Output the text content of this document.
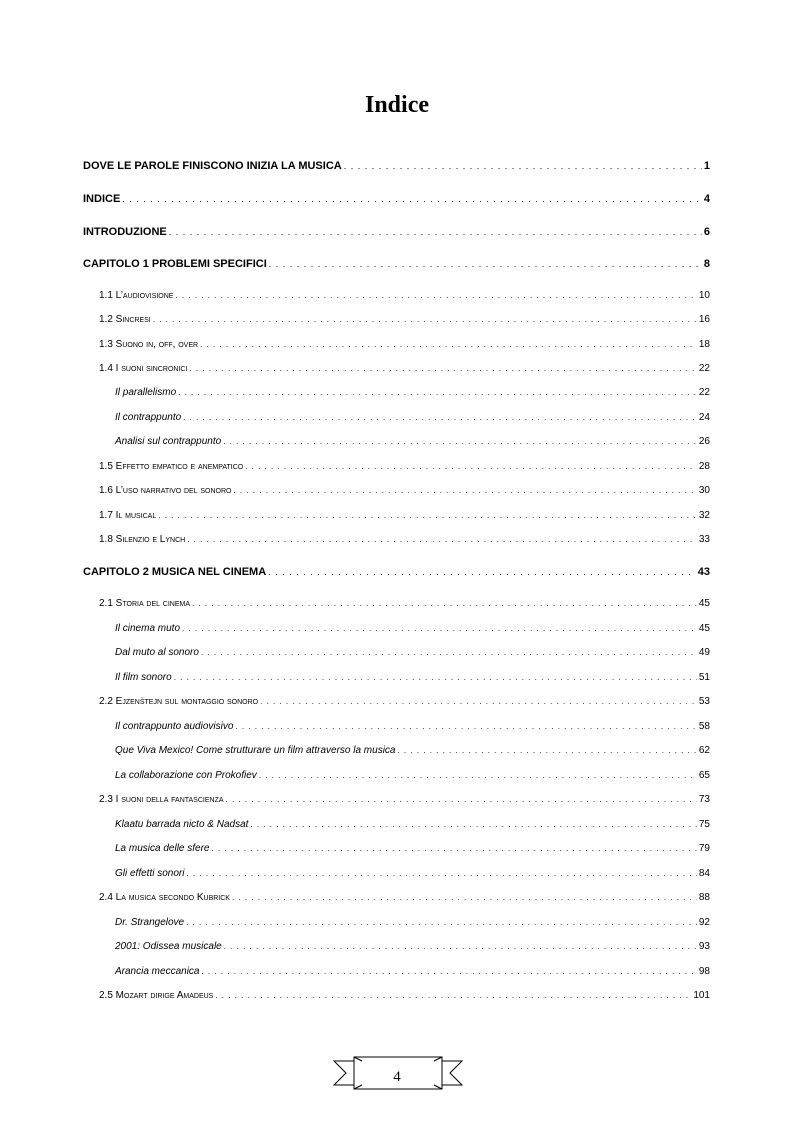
Indice
DOVE LE PAROLE FINISCONO INIZIA LA MUSICA . . .	1
INDICE . . .	4
INTRODUZIONE . . .	6
CAPITOLO 1 PROBLEMI SPECIFICI . . .	8
1.1 L’audiovisione . . .	10
1.2 Sincresi . . .	16
1.3 Suono in, off, over . . .	18
1.4 I suoni sincronici . . .	22
Il parallelismo . . .	22
Il contrappunto . . .	24
Analisi sul contrappunto . . .	26
1.5 Effetto empatico e anempatico . . .	28
1.6 L’uso narrativo del sonoro . . .	30
1.7 Il musical . . .	32
1.8 Silenzio e Lynch . . .	33
CAPITOLO 2 MUSICA NEL CINEMA . . .	43
2.1 Storia del cinema . . .	45
Il cinema muto . . .	45
Dal muto al sonoro . . .	49
Il film sonoro . . .	51
2.2 Ejzenštejn sul montaggio sonoro . . .	53
Il contrappunto audiovisivo . . .	58
Que Viva Mexico! Come strutturare un film attraverso la musica . . .	62
La collaborazione con Prokofiev . . .	65
2.3 I suoni della fantascienza . . .	73
Klaatu barrada nicto & Nadsat . . .	75
La musica delle sfere . . .	79
Gli effetti sonori . . .	84
2.4 La musica secondo Kubrick . . .	88
Dr. Strangelove . . .	92
2001: Odissea musicale . . .	93
Arancia meccanica . . .	98
2.5 Mozart dirige Amadeus . . .	101
4
